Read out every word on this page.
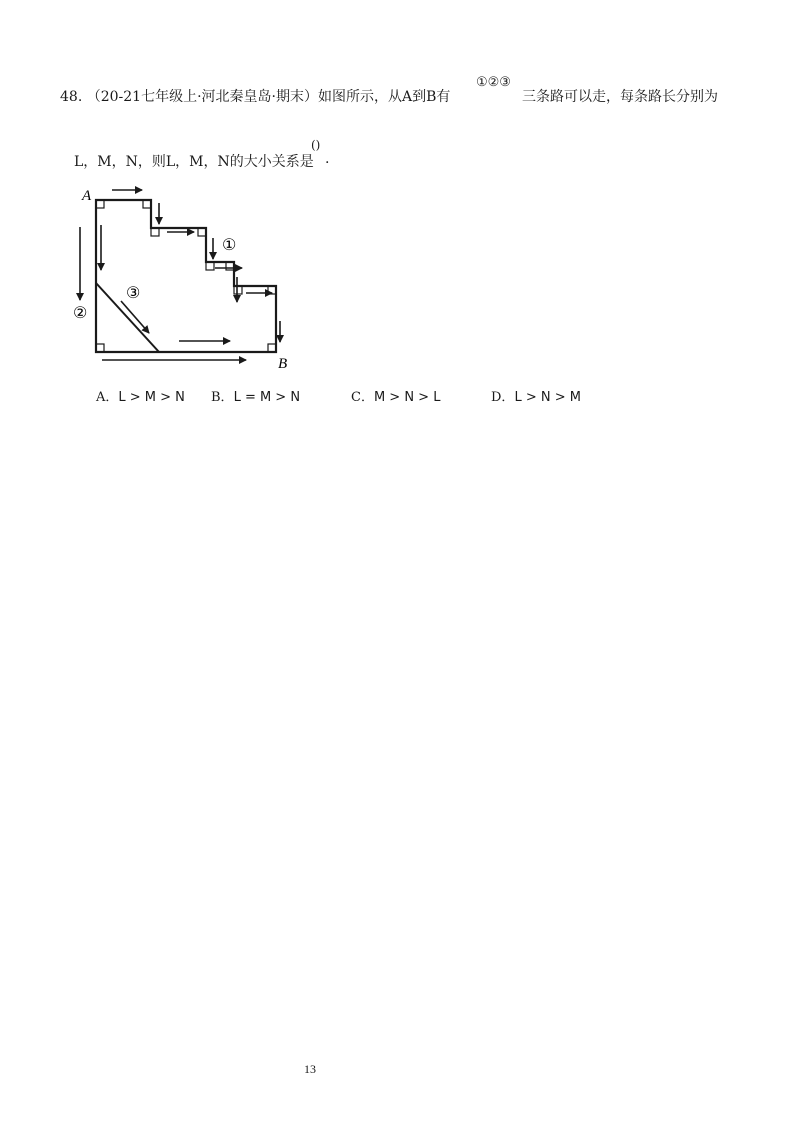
48. （20-21七年级上·河北秦皇岛·期末）如图所示，从A到B有
①②③
三条路可以走，每条路长分别为
L，M，N，则L，M，N的大小关系是
()
.
A
B
①
②
③
A．L > M > N B．L = M > N	C．M > N > L	D．L > N > M
13
